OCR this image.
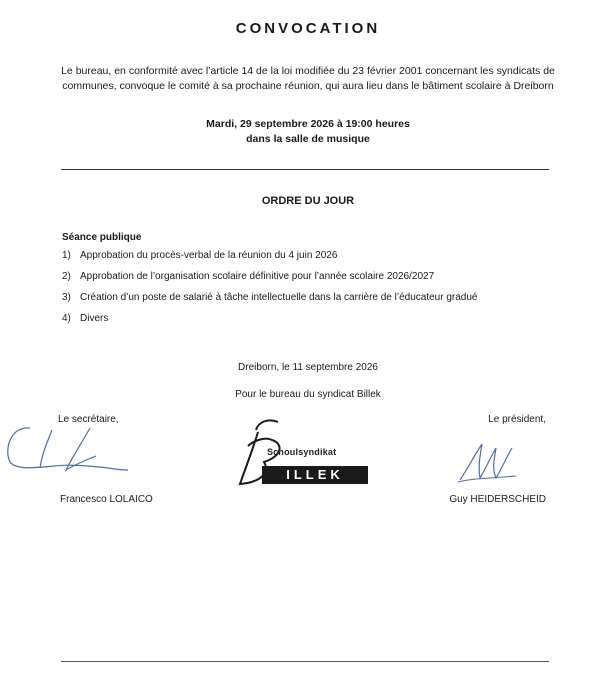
CONVOCATION
Le bureau, en conformité avec l’article 14 de la loi modifiée du 23 février 2001 concernant les syndicats de communes, convoque le comité à sa prochaine réunion, qui aura lieu dans le bâtiment scolaire à Dreiborn
Mardi, 29 septembre 2026 à 19:00 heures
dans la salle de musique
ORDRE DU JOUR
Séance publique
1) Approbation du procès-verbal de la réunion du 4 juin 2026
2) Approbation de l’organisation scolaire définitive pour l’année scolaire 2026/2027
3) Création d’un poste de salarié à tâche intellectuelle dans la carrière de l’éducateur gradué
4) Divers
Dreiborn, le 11 septembre 2026
Pour le bureau du syndicat Billek
Le secrétaire,	Le président,
Schoulsyndikat
ILLEK
Francesco LOLAICO	Guy HEIDERSCHEID
